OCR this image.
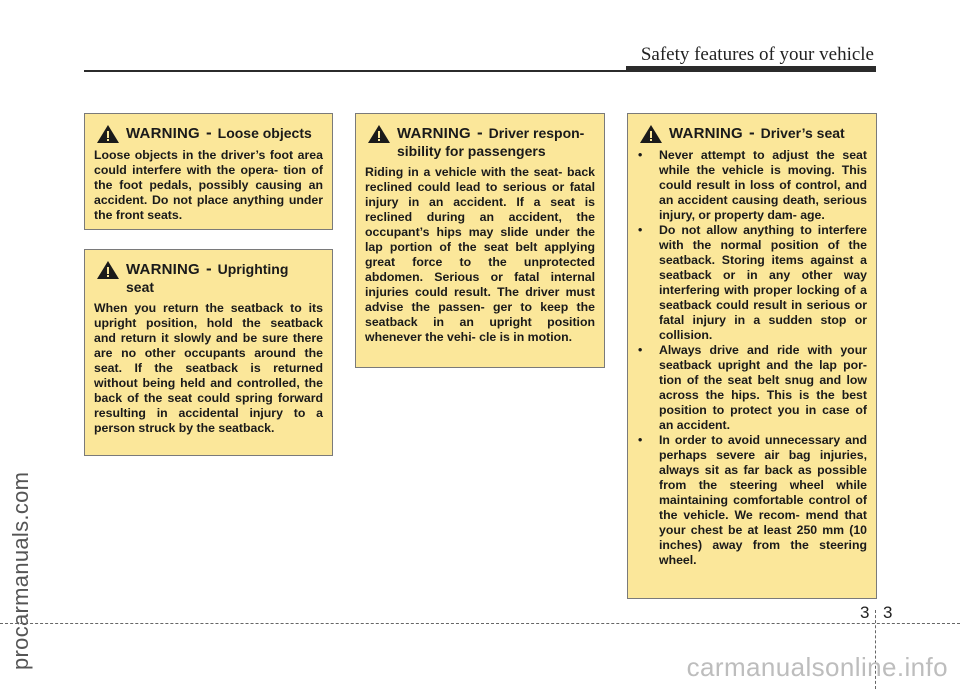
Safety features of your vehicle
procarmanuals.com
WARNING - Loose objects
Loose objects in the driver’s foot area could interfere with the opera- tion of the foot pedals, possibly causing an accident. Do not place anything under the front seats.
WARNING - Uprighting seat
When you return the seatback to its upright position, hold the seatback and return it slowly and be sure there are no other occupants around the seat. If the seatback is returned without being held and controlled, the back of the seat could spring forward resulting in accidental injury to a person struck by the seatback.
WARNING - Driver respon- sibility for passengers
Riding in a vehicle with the seat- back reclined could lead to serious or fatal injury in an accident. If a seat is reclined during an accident, the occupant’s hips may slide under the lap portion of the seat belt applying great force to the unprotected abdomen. Serious or fatal internal injuries could result. The driver must advise the passen- ger to keep the seatback in an upright position whenever the vehi- cle is in motion.
WARNING - Driver’s seat
• Never attempt to adjust the seat while the vehicle is moving. This could result in loss of control, and an accident causing death, serious injury, or property dam- age.
• Do not allow anything to interfere with the normal position of the seatback. Storing items against a seatback or in any other way interfering with proper locking of a seatback could result in serious or fatal injury in a sudden stop or collision.
• Always drive and ride with your seatback upright and the lap por- tion of the seat belt snug and low across the hips. This is the best position to protect you in case of an accident.
• In order to avoid unnecessary and perhaps severe air bag injuries, always sit as far back as possible from the steering wheel while maintaining comfortable control of the vehicle. We recom- mend that your chest be at least 250 mm (10 inches) away from the steering wheel.
3 3
carmanualsonline.info
